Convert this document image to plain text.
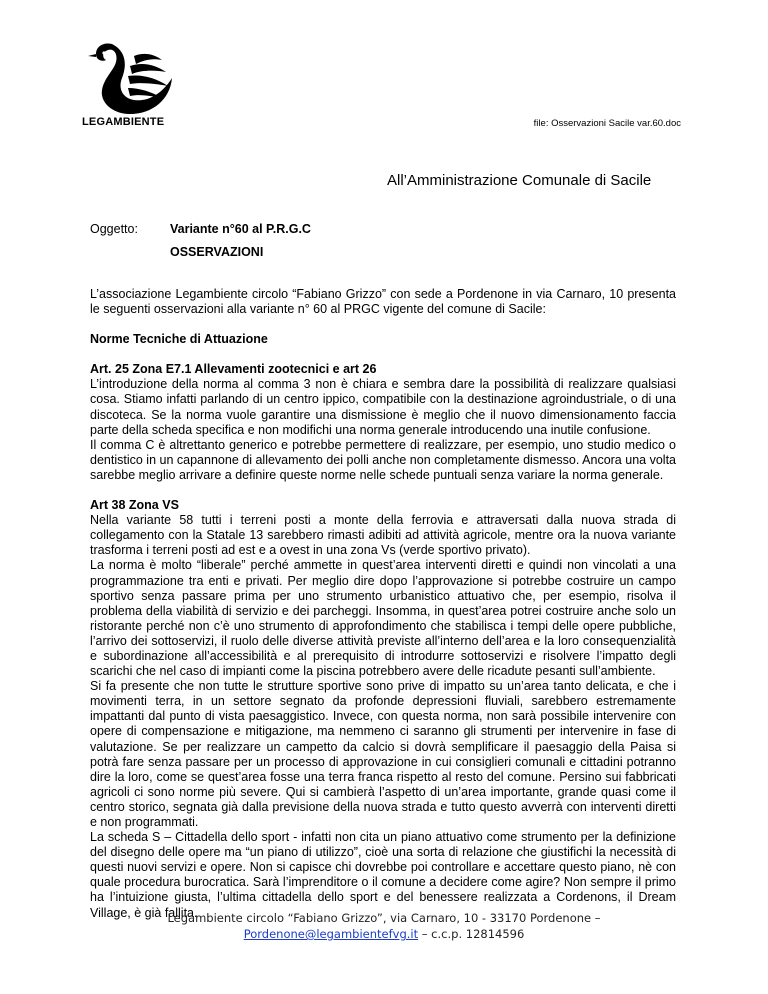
LEGAMBIENTE	file: Osservazioni Sacile var.60.doc
All’Amministrazione Comunale di Sacile
Oggetto:	Variante n°60 al P.R.G.C
OSSERVAZIONI

L’associazione Legambiente circolo “Fabiano Grizzo” con sede a Pordenone in via Carnaro, 10 presenta le seguenti osservazioni alla variante n° 60 al PRGC vigente del comune di Sacile:

Norme Tecniche di Attuazione
Art. 25 Zona E7.1 Allevamenti zootecnici e art 26

L’introduzione della norma al comma 3 non è chiara e sembra dare la possibilità di realizzare qualsiasi cosa. Stiamo infatti parlando di un centro ippico, compatibile con la destinazione agroindustriale, o di una discoteca. Se la norma vuole garantire una dismissione è meglio che il nuovo dimensionamento faccia parte della scheda specifica e non modifichi una norma generale introducendo una inutile confusione.

Il comma C è altrettanto generico e potrebbe permettere di realizzare, per esempio, uno studio medico o dentistico in un capannone di allevamento dei polli anche non completamente dismesso. Ancora una volta sarebbe meglio arrivare a definire queste norme nelle schede puntuali senza variare la norma generale.

Art 38 Zona VS

Nella variante 58 tutti i terreni posti a monte della ferrovia e attraversati dalla nuova strada di collegamento con la Statale 13 sarebbero rimasti adibiti ad attività agricole, mentre ora la nuova variante trasforma i terreni posti ad est e a ovest in una zona Vs (verde sportivo privato).

La norma è molto “liberale” perché ammette in quest’area interventi diretti e quindi non vincolati a una programmazione tra enti e privati. Per meglio dire dopo l’approvazione si potrebbe costruire un campo sportivo senza passare prima per uno strumento urbanistico attuativo che, per esempio, risolva il problema della viabilità di servizio e dei parcheggi. Insomma, in quest’area potrei costruire anche solo un ristorante perché non c’è uno strumento di approfondimento che stabilisca i tempi delle opere pubbliche, l’arrivo dei sottoservizi, il ruolo delle diverse attività previste all’interno dell’area e la loro consequenzialità e subordinazione all’accessibilità e al prerequisito di introdurre sottoservizi e risolvere l’impatto degli scarichi che nel caso di impianti come la piscina potrebbero avere delle ricadute pesanti sull’ambiente.

Si fa presente che non tutte le strutture sportive sono prive di impatto su un’area tanto delicata, e che i movimenti terra, in un settore segnato da profonde depressioni fluviali, sarebbero estremamente impattanti dal punto di vista paesaggistico. Invece, con questa norma, non sarà possibile intervenire con opere di compensazione e mitigazione, ma nemmeno ci saranno gli strumenti per intervenire in fase di valutazione. Se per realizzare un campetto da calcio si dovrà semplificare il paesaggio della Paisa si potrà fare senza passare per un processo di approvazione in cui consiglieri comunali e cittadini potranno dire la loro, come se quest’area fosse una terra franca rispetto al resto del comune. Persino sui fabbricati agricoli ci sono norme più severe. Qui si cambierà l’aspetto di un’area importante, grande quasi come il centro storico, segnata già dalla previsione della nuova strada e tutto questo avverrà con interventi diretti e non programmati.

La scheda S – Cittadella dello sport - infatti non cita un piano attuativo come strumento per la definizione del disegno delle opere ma “un piano di utilizzo”, cioè una sorta di relazione che giustifichi la necessità di questi nuovi servizi e opere. Non si capisce chi dovrebbe poi controllare e accettare questo piano, nè con quale procedura burocratica. Sarà l’imprenditore o il comune a decidere come agire? Non sempre il primo ha l’intuizione giusta, l’ultima cittadella dello sport e del benessere realizzata a Cordenons, il Dream Village, è già fallita.

Legambiente circolo “Fabiano Grizzo”, via Carnaro, 10 - 33170 Pordenone –
Pordenone@legambientefvg.it – c.c.p. 12814596
